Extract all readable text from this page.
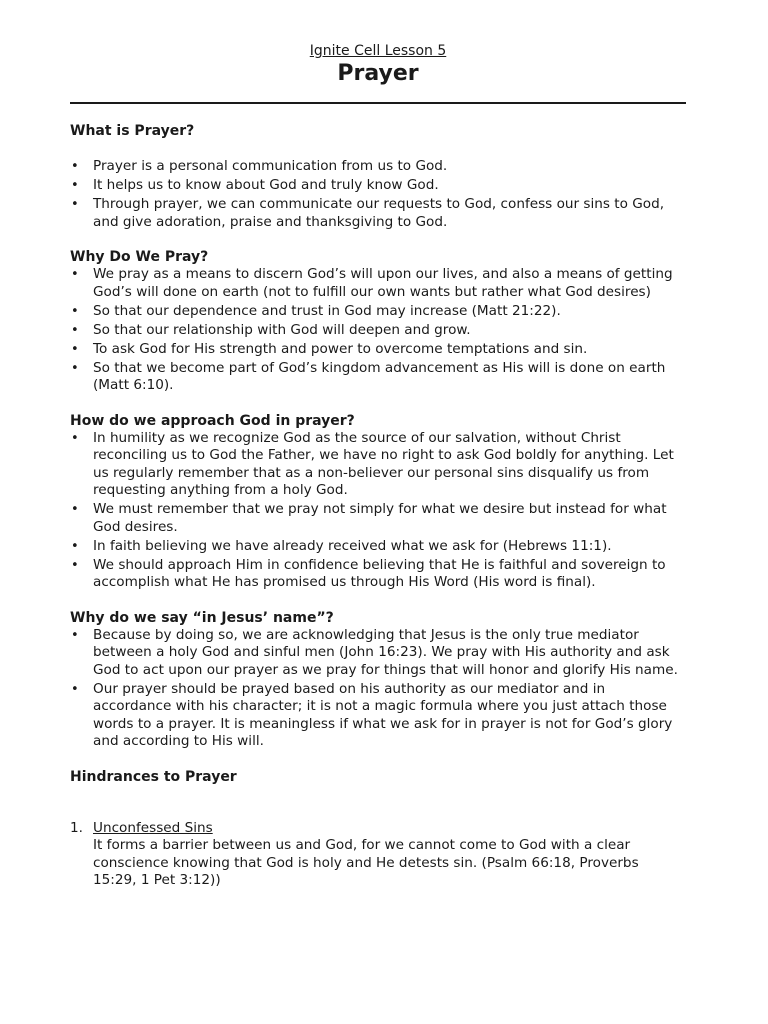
Ignite Cell Lesson 5

Prayer

What is Prayer?

• Prayer is a personal communication from us to God.
• It helps us to know about God and truly know God.
• Through prayer, we can communicate our requests to God, confess our sins to God, and give adoration, praise and thanksgiving to God.

Why Do We Pray?

• We pray as a means to discern God’s will upon our lives, and also a means of getting God’s will done on earth (not to fulfill our own wants but rather what God desires)
• So that our dependence and trust in God may increase (Matt 21:22).
• So that our relationship with God will deepen and grow.
• To ask God for His strength and power to overcome temptations and sin.
• So that we become part of God’s kingdom advancement as His will is done on earth (Matt 6:10).

How do we approach God in prayer?

• In humility as we recognize God as the source of our salvation, without Christ reconciling us to God the Father, we have no right to ask God boldly for anything. Let us regularly remember that as a non-believer our personal sins disqualify us from requesting anything from a holy God.
• We must remember that we pray not simply for what we desire but instead for what God desires.
• In faith believing we have already received what we ask for (Hebrews 11:1).
• We should approach Him in confidence believing that He is faithful and sovereign to accomplish what He has promised us through His Word (His word is final).

Why do we say “in Jesus’ name”?

• Because by doing so, we are acknowledging that Jesus is the only true mediator between a holy God and sinful men (John 16:23). We pray with His authority and ask God to act upon our prayer as we pray for things that will honor and glorify His name.
• Our prayer should be prayed based on his authority as our mediator and in accordance with his character; it is not a magic formula where you just attach those words to a prayer. It is meaningless if what we ask for in prayer is not for God’s glory and according to His will.

Hindrances to Prayer

1. Unconfessed Sins
It forms a barrier between us and God, for we cannot come to God with a clear conscience knowing that God is holy and He detests sin. (Psalm 66:18, Proverbs 15:29, 1 Pet 3:12))
